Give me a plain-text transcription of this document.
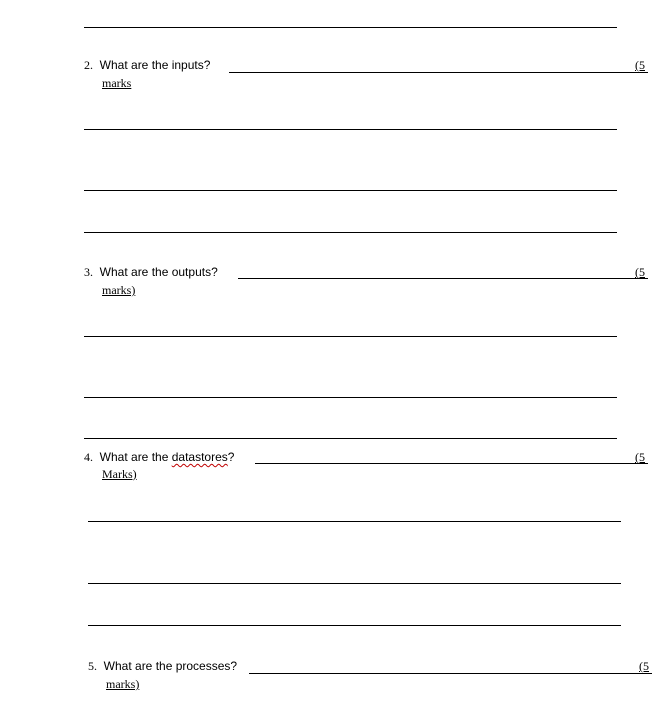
2. What are the inputs?	(5
marks
3. What are the outputs?	(5
marks)
4. What are the datastores?	(5
Marks)
5. What are the processes?	(5
marks)
